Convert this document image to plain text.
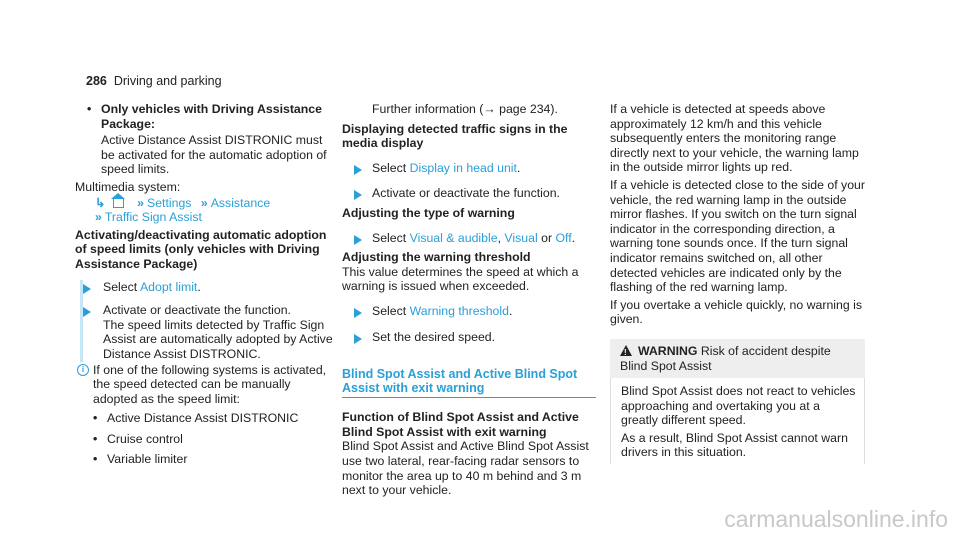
286 Driving and parking
• Only vehicles with Driving Assistance Package:

Active Distance Assist DISTRONIC must be activated for the automatic adoption of speed limits.

Multimedia system:

↳	» Settings » Assistance
» Traffic Sign Assist

Activating/deactivating automatic adoption of speed limits (only vehicles with Driving Assistance Package)

Select Adopt limit.

Activate or deactivate the function.

The speed limits detected by Traffic Sign Assist are automatically adopted by Active Distance Assist DISTRONIC.

i If one of the following systems is activated, the speed detected can be manually adopted as the speed limit:

• Active Distance Assist DISTRONIC
• Cruise control
• Variable limiter

Further information (→ page 234).

Displaying detected traffic signs in the media display

Select Display in head unit.
Activate or deactivate the function.

Adjusting the type of warning

Select Visual & audible, Visual or Off.

Adjusting the warning threshold

This value determines the speed at which a warning is issued when exceeded.

Select Warning threshold.
Set the desired speed.
Blind Spot Assist and Active Blind Spot Assist with exit warning

Function of Blind Spot Assist and Active Blind Spot Assist with exit warning

Blind Spot Assist and Active Blind Spot Assist use two lateral, rear-facing radar sensors to monitor the area up to 40 m behind and 3 m next to your vehicle.

If a vehicle is detected at speeds above approximately 12 km/h and this vehicle subsequently enters the monitoring range directly next to your vehicle, the warning lamp in the outside mirror lights up red.

If a vehicle is detected close to the side of your vehicle, the red warning lamp in the outside mirror flashes. If you switch on the turn signal indicator in the corresponding direction, a warning tone sounds once. If the turn signal indicator remains switched on, all other detected vehicles are indicated only by the flashing of the red warning lamp.

If you overtake a vehicle quickly, no warning is given.

! WARNING Risk of accident despite Blind Spot Assist

Blind Spot Assist does not react to vehicles approaching and overtaking you at a greatly different speed.

As a result, Blind Spot Assist cannot warn drivers in this situation.

carmanualsonline.info
